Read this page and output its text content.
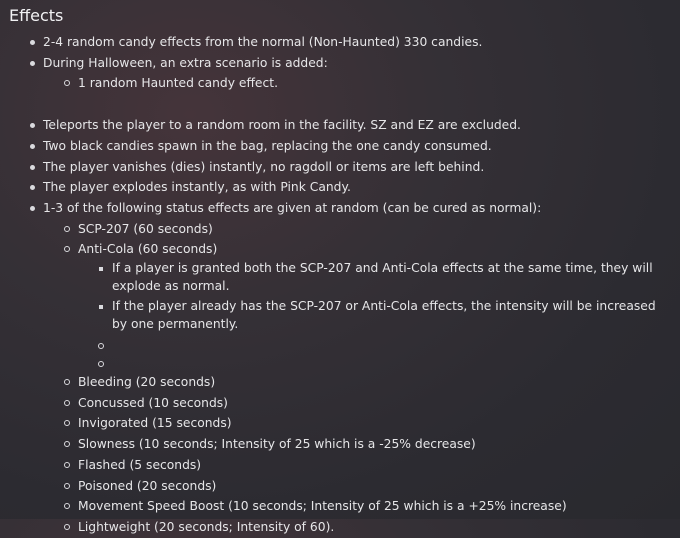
Effects
2-4 random candy effects from the normal (Non-Haunted) 330 candies.
During Halloween, an extra scenario is added:
1 random Haunted candy effect.
Teleports the player to a random room in the facility. SZ and EZ are excluded.
Two black candies spawn in the bag, replacing the one candy consumed.
The player vanishes (dies) instantly, no ragdoll or items are left behind.
The player explodes instantly, as with Pink Candy.
1-3 of the following status effects are given at random (can be cured as normal):
SCP-207 (60 seconds)
Anti-Cola (60 seconds)
If a player is granted both the SCP-207 and Anti-Cola effects at the same time, they will explode as normal.
If the player already has the SCP-207 or Anti-Cola effects, the intensity will be increased by one permanently.
Bleeding (20 seconds)
Concussed (10 seconds)
Invigorated (15 seconds)
Slowness (10 seconds; Intensity of 25 which is a -25% decrease)
Flashed (5 seconds)
Poisoned (20 seconds)
Movement Speed Boost (10 seconds; Intensity of 25 which is a +25% increase)
Lightweight (20 seconds; Intensity of 60).
